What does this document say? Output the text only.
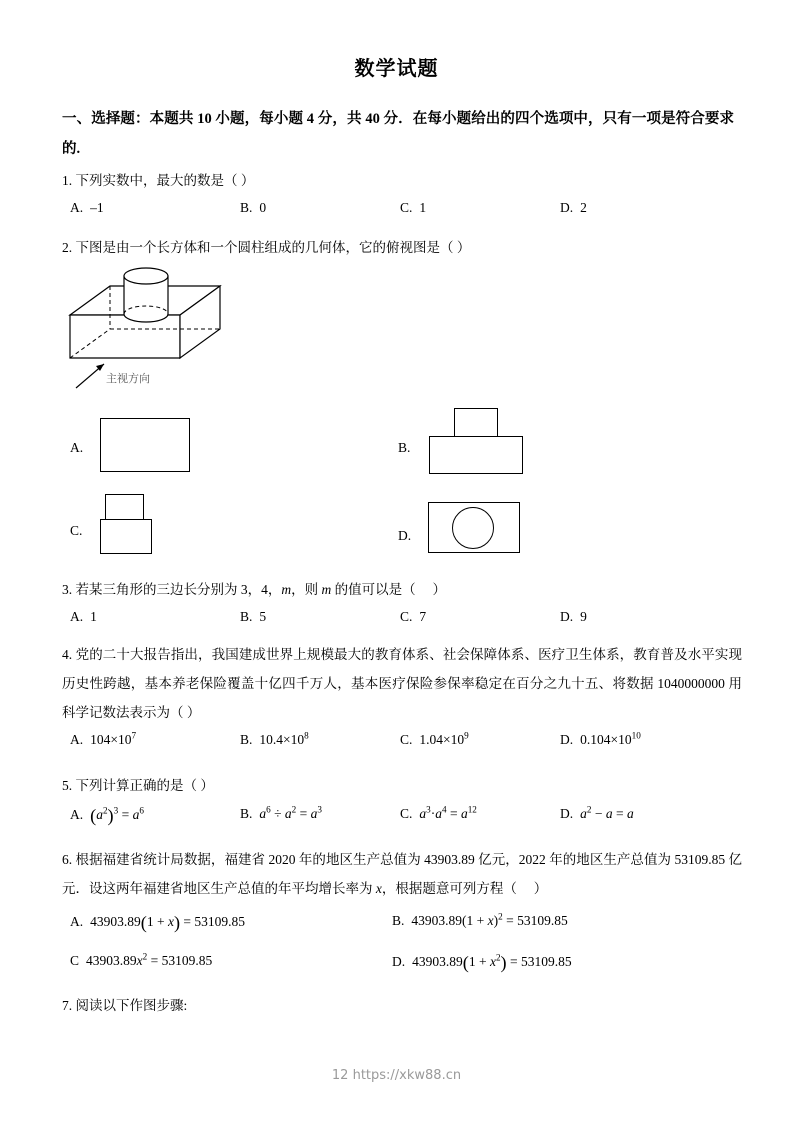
数学试题
一、选择题：本题共 10 小题，每小题 4 分，共 40 分．在每小题给出的四个选项中，只有一项是符合要求的.
1. 下列实数中，最大的数是（ ）
A. –1	B. 0	C. 1	D. 2
2. 下图是由一个长方体和一个圆柱组成的几何体，它的俯视图是（ ）
主视方向
A.	B.
C.	D.
3. 若某三角形的三边长分别为 3，4，m，则 m 的值可以是（     ）
A. 1	B. 5	C. 7	D. 9
4. 党的二十大报告指出，我国建成世界上规模最大的教育体系、社会保障体系、医疗卫生体系，教育普及水平实现历史性跨越，基本养老保险覆盖十亿四千万人，基本医疗保险参保率稳定在百分之九十五、将数据 1040000000 用科学记数法表示为（ ）
A. $104\times 10^7$	B. $10.4\times 10^8$	C. $1.04\times 10^9$	D. $0.104\times 10^{10}$
5. 下列计算正确的是（ ）
A. $(a^2)^3 = a^6$	B. $a^6 \div a^2 = a^3$	C. $a^3\cdot a^4 = a^{12}$	D. $a^2 - a = a$
6. 根据福建省统计局数据，福建省 2020 年的地区生产总值为 43903.89 亿元，2022 年的地区生产总值为 53109.85 亿元．设这两年福建省地区生产总值的年平均增长率为 x，根据题意可列方程（     ）
A. 43903.89(1 + x) = 53109.85	B. $43903.89(1 + x)^2 = 53109.85$
C $43903.89x^2 = 53109.85$	D. $43903.89(1 + x^2) = 53109.85$
7. 阅读以下作图步骤:
12 https://xkw88.cn
